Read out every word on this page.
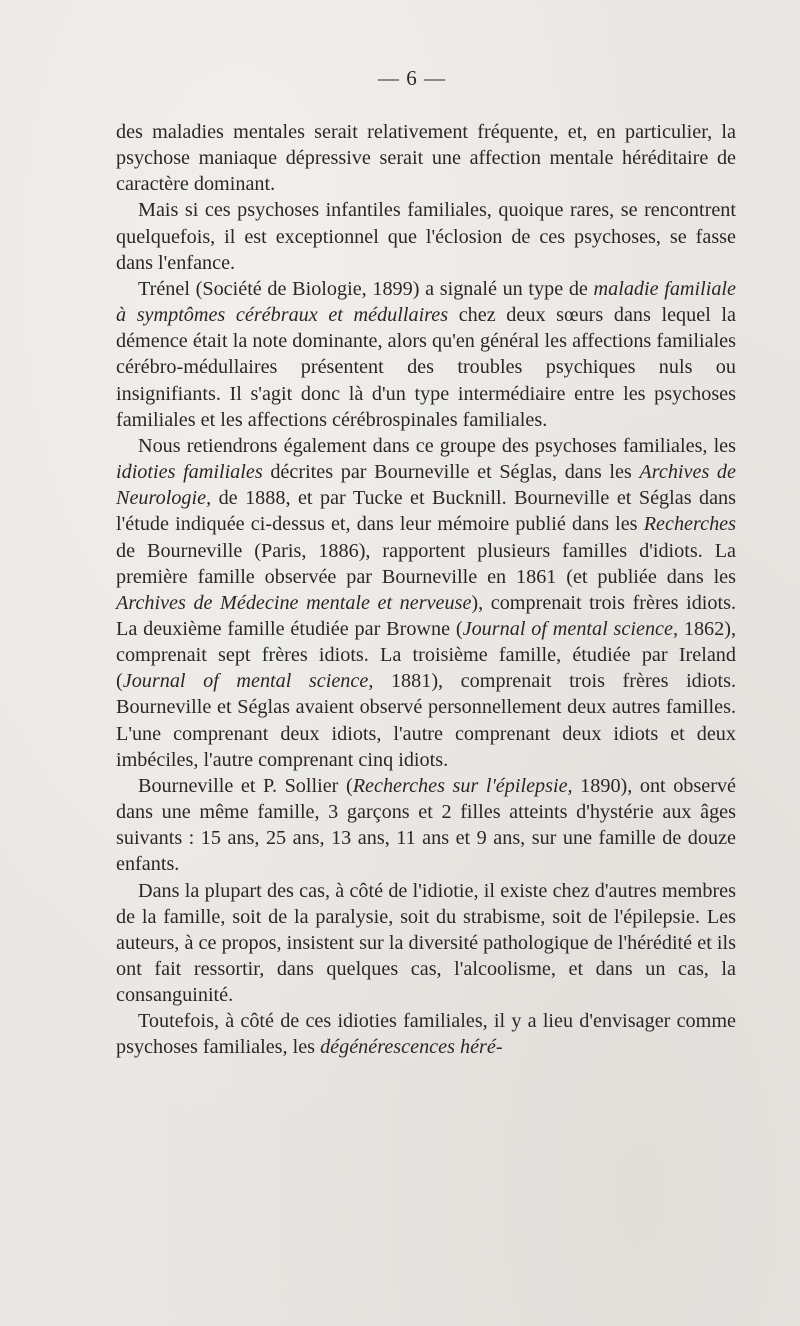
— 6 —

des maladies mentales serait relativement fréquente, et, en particulier, la psychose maniaque dépressive serait une affection mentale héréditaire de caractère dominant.

Mais si ces psychoses infantiles familiales, quoique rares, se rencontrent quelquefois, il est exceptionnel que l'éclosion de ces psychoses, se fasse dans l'enfance.

Trénel (Société de Biologie, 1899) a signalé un type de maladie familiale à symptômes cérébraux et médullaires chez deux sœurs dans lequel la démence était la note dominante, alors qu'en général les affections familiales cérébro-médullaires présentent des troubles psychiques nuls ou insignifiants. Il s'agit donc là d'un type intermédiaire entre les psychoses familiales et les affections cérébrospinales familiales.

Nous retiendrons également dans ce groupe des psychoses familiales, les idioties familiales décrites par Bourneville et Séglas, dans les Archives de Neurologie, de 1888, et par Tucke et Bucknill. Bourneville et Séglas dans l'étude indiquée ci-dessus et, dans leur mémoire publié dans les Recherches de Bourneville (Paris, 1886), rapportent plusieurs familles d'idiots. La première famille observée par Bourneville en 1861 (et publiée dans les Archives de Médecine mentale et nerveuse), comprenait trois frères idiots. La deuxième famille étudiée par Browne (Journal of mental science, 1862), comprenait sept frères idiots. La troisième famille, étudiée par Ireland (Journal of mental science, 1881), comprenait trois frères idiots. Bourneville et Séglas avaient observé personnellement deux autres familles. L'une comprenant deux idiots, l'autre comprenant deux idiots et deux imbéciles, l'autre comprenant cinq idiots.

Bourneville et P. Sollier (Recherches sur l'épilepsie, 1890), ont observé dans une même famille, 3 garçons et 2 filles atteints d'hystérie aux âges suivants : 15 ans, 25 ans, 13 ans, 11 ans et 9 ans, sur une famille de douze enfants.

Dans la plupart des cas, à côté de l'idiotie, il existe chez d'autres membres de la famille, soit de la paralysie, soit du strabisme, soit de l'épilepsie. Les auteurs, à ce propos, insistent sur la diversité pathologique de l'hérédité et ils ont fait ressortir, dans quelques cas, l'alcoolisme, et dans un cas, la consanguinité.

Toutefois, à côté de ces idioties familiales, il y a lieu d'envisager comme psychoses familiales, les dégénérescences héré-
